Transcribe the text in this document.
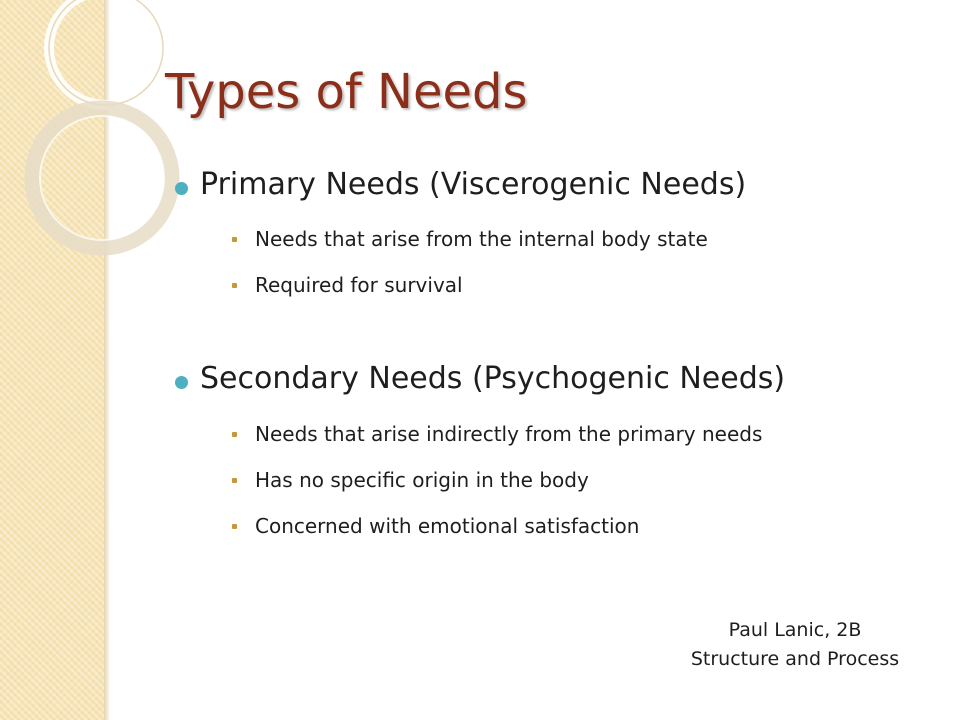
Types of Needs
Primary Needs (Viscerogenic Needs)
Needs that arise from the internal body state
Required for survival
Secondary Needs (Psychogenic Needs)
Needs that arise indirectly from the primary needs
Has no specific origin in the body
Concerned with emotional satisfaction
Paul Lanic, 2B
Structure and Process
